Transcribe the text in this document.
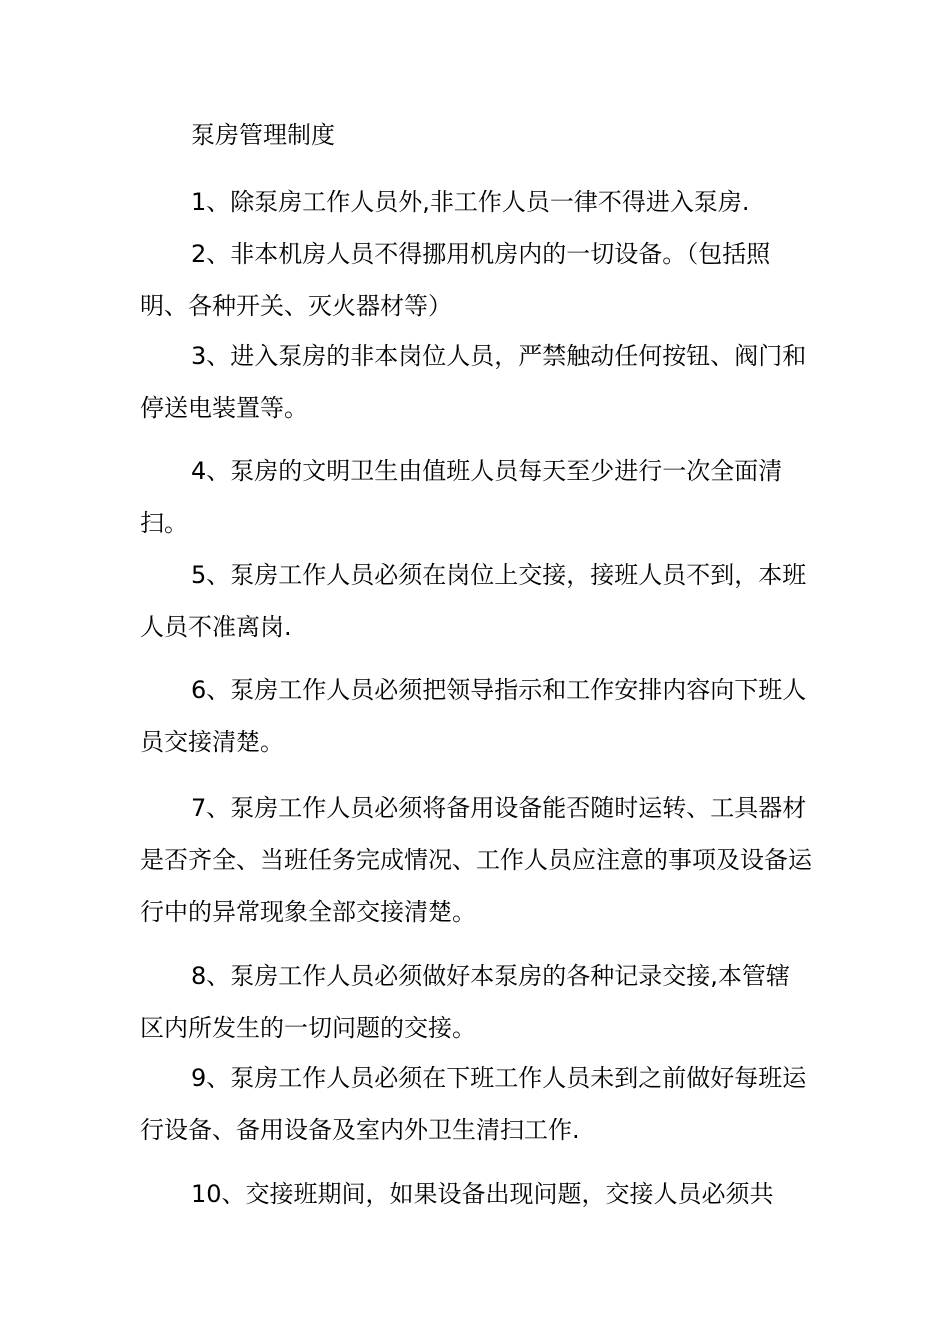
泵房管理制度
1、除泵房工作人员外,非工作人员一律不得进入泵房.
2、非本机房人员不得挪用机房内的一切设备。（包括照明、各种开关、灭火器材等）
3、进入泵房的非本岗位人员，严禁触动任何按钮、阀门和停送电装置等。
4、泵房的文明卫生由值班人员每天至少进行一次全面清扫。
5、泵房工作人员必须在岗位上交接，接班人员不到，本班人员不准离岗.
6、泵房工作人员必须把领导指示和工作安排内容向下班人员交接清楚。
7、泵房工作人员必须将备用设备能否随时运转、工具器材是否齐全、当班任务完成情况、工作人员应注意的事项及设备运行中的异常现象全部交接清楚。
8、泵房工作人员必须做好本泵房的各种记录交接,本管辖区内所发生的一切问题的交接。
9、泵房工作人员必须在下班工作人员未到之前做好每班运行设备、备用设备及室内外卫生清扫工作.
10、交接班期间，如果设备出现问题，交接人员必须共
